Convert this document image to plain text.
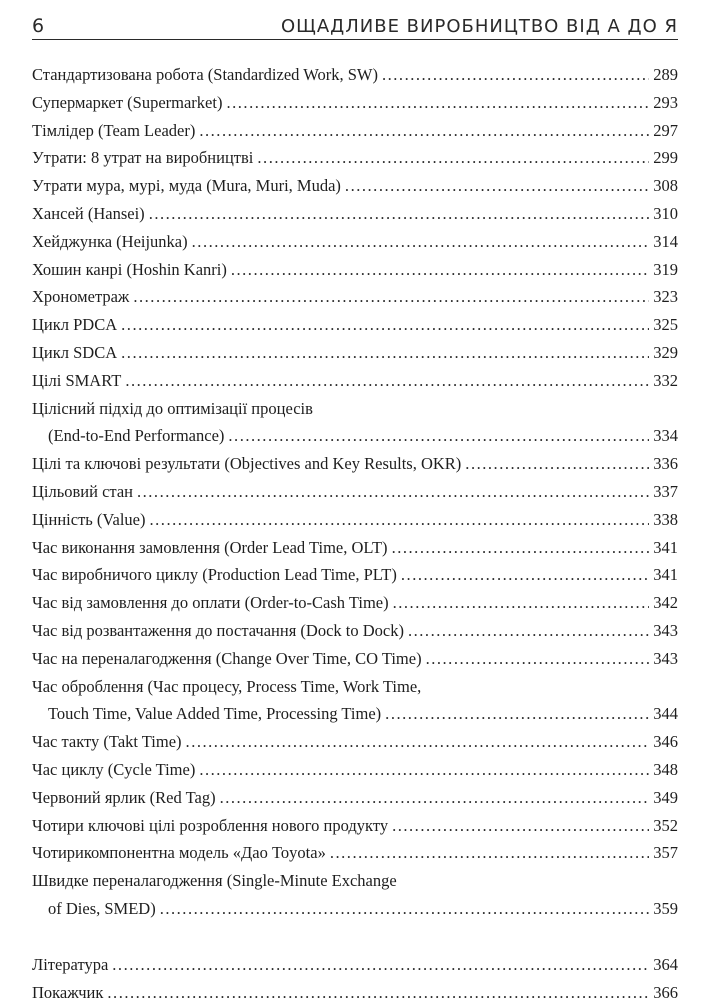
6	ОЩАДЛИВЕ ВИРОБНИЦТВО ВІД А ДО Я
Стандартизована робота (Standardized Work, SW) . . .	289
Супермаркет (Supermarket) . . .	293
Тімлідер (Team Leader) . . .	297
Утрати: 8 утрат на виробництві . . .	299
Утрати мура, мурі, муда (Mura, Muri, Muda) . . .	308
Хансей (Hansei) . . .	310
Хейджунка (Heijunka) . . .	314
Хошин канрі (Hoshin Kanri) . . .	319
Хронометраж . . .	323
Цикл PDCA . . .	325
Цикл SDCA . . .	329
Цілі SMART . . .	332
Цілісний підхід до оптимізації процесів
(End-to-End Performance) . . .	334
Цілі та ключові результати (Objectives and Key Results, OKR) . . .	336
Цільовий стан . . .	337
Цінність (Value) . . .	338
Час виконання замовлення (Order Lead Time, OLT) . . .	341
Час виробничого циклу (Production Lead Time, PLT) . . .	341
Час від замовлення до оплати (Order-to-Cash Time) . . .	342
Час від розвантаження до постачання (Dock to Dock) . . .	343
Час на переналагодження (Change Over Time, CO Time) . . .	343
Час оброблення (Час процесу, Process Time, Work Time,
Touch Time, Value Added Time, Processing Time) . . .	344
Час такту (Takt Time) . . .	346
Час циклу (Cycle Time) . . .	348
Червоний ярлик (Red Tag) . . .	349
Чотири ключові цілі розроблення нового продукту . . .	352
Чотирикомпонентна модель «Дао Toyota» . . .	357
Швидке переналагодження (Single-Minute Exchange
of Dies, SMED) . . .	359
Література . . .	364
Покажчик . . .	366
